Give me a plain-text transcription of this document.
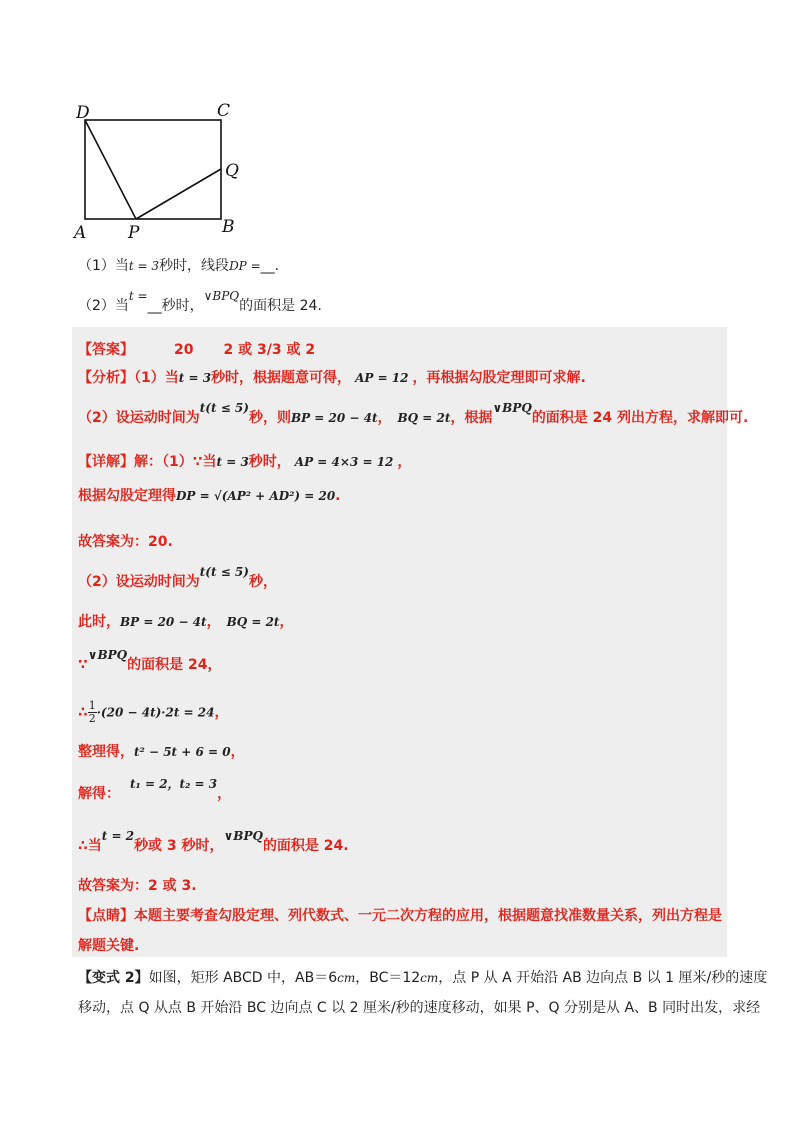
D	C
Q
A P	B
（1）当t = 3秒时，线段DP =__.
（2）当t =__秒时，∨BPQ的面积是 24.
【答案】	20 2 或 3/3 或 2
【分析】（1）当t = 3秒时，根据题意可得， AP = 12 ，再根据勾股定理即可求解.
（2）设运动时间为t(t ≤ 5)秒，则BP = 20 − 4t， BQ = 2t，根据∨BPQ的面积是 24 列出方程，求解即可.
【详解】解：（1）∵当t = 3秒时， AP = 4×3 = 12 ，
根据勾股定理得DP = √(AP² + AD²) = 20.
故答案为：20.
（2）设运动时间为t(t ≤ 5)秒，
此时，BP = 20 − 4t， BQ = 2t，
∵∨BPQ的面积是 24，
∴ $\frac{1}{2} \cdot(20 - 4t)\cdot 2t = 24$，
整理得，t² − 5t + 6 = 0，
解得：t₁ = 2，t₂ = 3，
∴当t = 2秒或 3 秒时，∨BPQ的面积是 24.
故答案为：2 或 3.
【点睛】本题主要考查勾股定理、列代数式、一元二次方程的应用，根据题意找准数量关系，列出方程是
解题关键.
【变式 2】如图，矩形 ABCD 中，AB＝6cm，BC＝12cm，点 P 从 A 开始沿 AB 边向点 B 以 1 厘米/秒的速度
移动，点 Q 从点 B 开始沿 BC 边向点 C 以 2 厘米/秒的速度移动，如果 P、Q 分别是从 A、B 同时出发，求经
